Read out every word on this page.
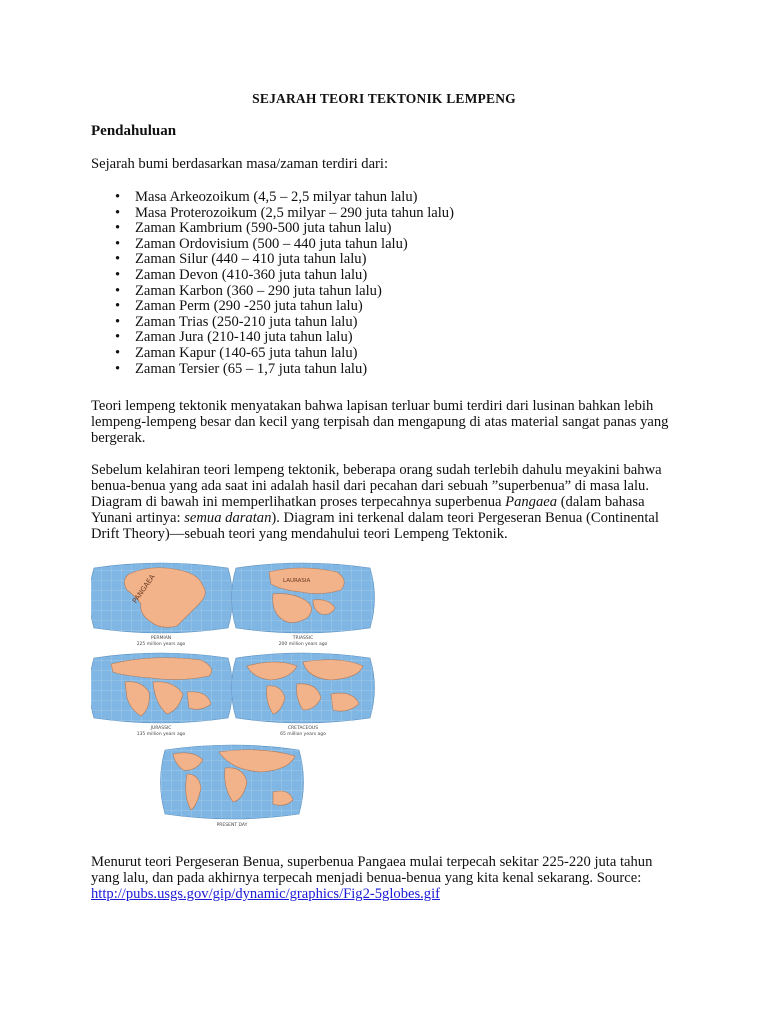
SEJARAH TEORI TEKTONIK LEMPENG
Pendahuluan
Sejarah bumi berdasarkan masa/zaman terdiri dari:
• Masa Arkeozoikum (4,5 – 2,5 milyar tahun lalu)
• Masa Proterozoikum (2,5 milyar – 290 juta tahun lalu)
• Zaman Kambrium (590-500 juta tahun lalu)
• Zaman Ordovisium (500 – 440 juta tahun lalu)
• Zaman Silur (440 – 410 juta tahun lalu)
• Zaman Devon (410-360 juta tahun lalu)
• Zaman Karbon (360 – 290 juta tahun lalu)
• Zaman Perm (290 -250 juta tahun lalu)
• Zaman Trias (250-210 juta tahun lalu)
• Zaman Jura (210-140 juta tahun lalu)
• Zaman Kapur (140-65 juta tahun lalu)
• Zaman Tersier (65 – 1,7 juta tahun lalu)
Teori lempeng tektonik menyatakan bahwa lapisan terluar bumi terdiri dari lusinan bahkan lebih lempeng-lempeng besar dan kecil yang terpisah dan mengapung di atas material sangat panas yang bergerak.
Sebelum kelahiran teori lempeng tektonik, beberapa orang sudah terlebih dahulu meyakini bahwa benua-benua yang ada saat ini adalah hasil dari pecahan dari sebuah ”superbenua” di masa lalu. Diagram di bawah ini memperlihatkan proses terpecahnya superbenua Pangaea (dalam bahasa Yunani artinya: semua daratan). Diagram ini terkenal dalam teori Pergeseran Benua (Continental Drift Theory)—sebuah teori yang mendahului teori Lempeng Tektonik.
PANGAEA
PERMIAN
225 million years ago
LAURASIA
TRIASSIC
200 million years ago
JURASSIC
135 million years ago
CRETACEOUS
65 million years ago
PRESENT DAY
Menurut teori Pergeseran Benua, superbenua Pangaea mulai terpecah sekitar 225-220 juta tahun yang lalu, dan pada akhirnya terpecah menjadi benua-benua yang kita kenal sekarang. Source:
http://pubs.usgs.gov/gip/dynamic/graphics/Fig2-5globes.gif
